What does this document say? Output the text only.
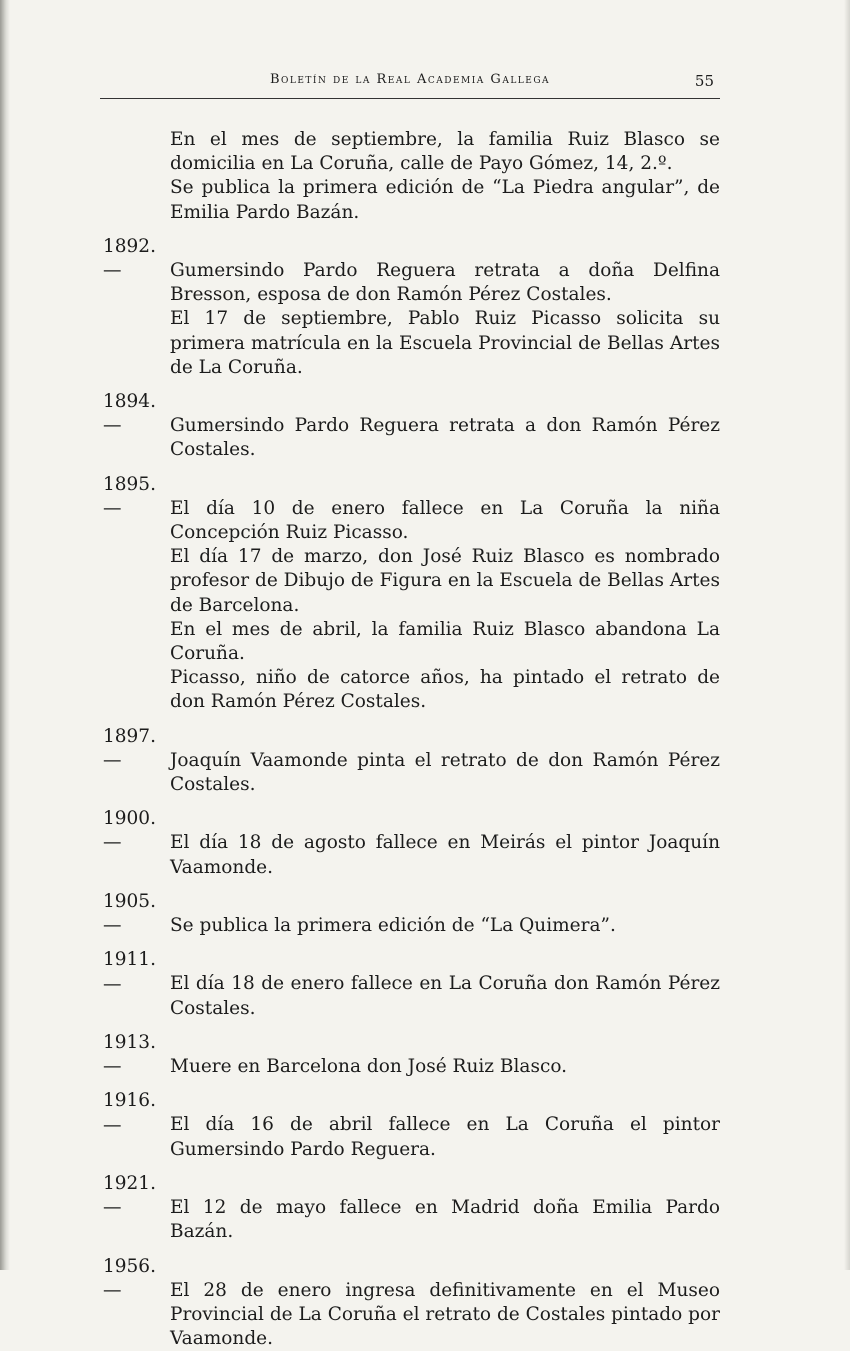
Boletín de la Real Academia Gallega	55

En el mes de septiembre, la familia Ruiz Blasco se domicilia en La Coruña, calle de Payo Gómez, 14, 2.º.

Se publica la primera edición de “La Piedra angular”, de Emilia Pardo Bazán.

1892.—	Gumersindo Pardo Reguera retrata a doña Delfina Bresson, esposa de don Ramón Pérez Costales.

El 17 de septiembre, Pablo Ruiz Picasso solicita su primera matrícula en la Escuela Provincial de Bellas Artes de La Coruña.

1894.—	Gumersindo Pardo Reguera retrata a don Ramón Pérez Costales.

1895.—	El día 10 de enero fallece en La Coruña la niña Concepción Ruiz Picasso.

El día 17 de marzo, don José Ruiz Blasco es nombrado profesor de Dibujo de Figura en la Escuela de Bellas Artes de Barcelona.

En el mes de abril, la familia Ruiz Blasco abandona La Coruña.

Picasso, niño de catorce años, ha pintado el retrato de don Ramón Pérez Costales.

1897.—	Joaquín Vaamonde pinta el retrato de don Ramón Pérez Costales.

1900.—	El día 18 de agosto fallece en Meirás el pintor Joaquín Vaamonde.

1905.—	Se publica la primera edición de “La Quimera”.

1911.—	El día 18 de enero fallece en La Coruña don Ramón Pérez Costales.

1913.—	Muere en Barcelona don José Ruiz Blasco.

1916.—	El día 16 de abril fallece en La Coruña el pintor Gumersindo Pardo Reguera.

1921.—	El 12 de mayo fallece en Madrid doña Emilia Pardo Bazán.

1956.—	El 28 de enero ingresa definitivamente en el Museo Provincial de La Coruña el retrato de Costales pintado por Vaamonde.
